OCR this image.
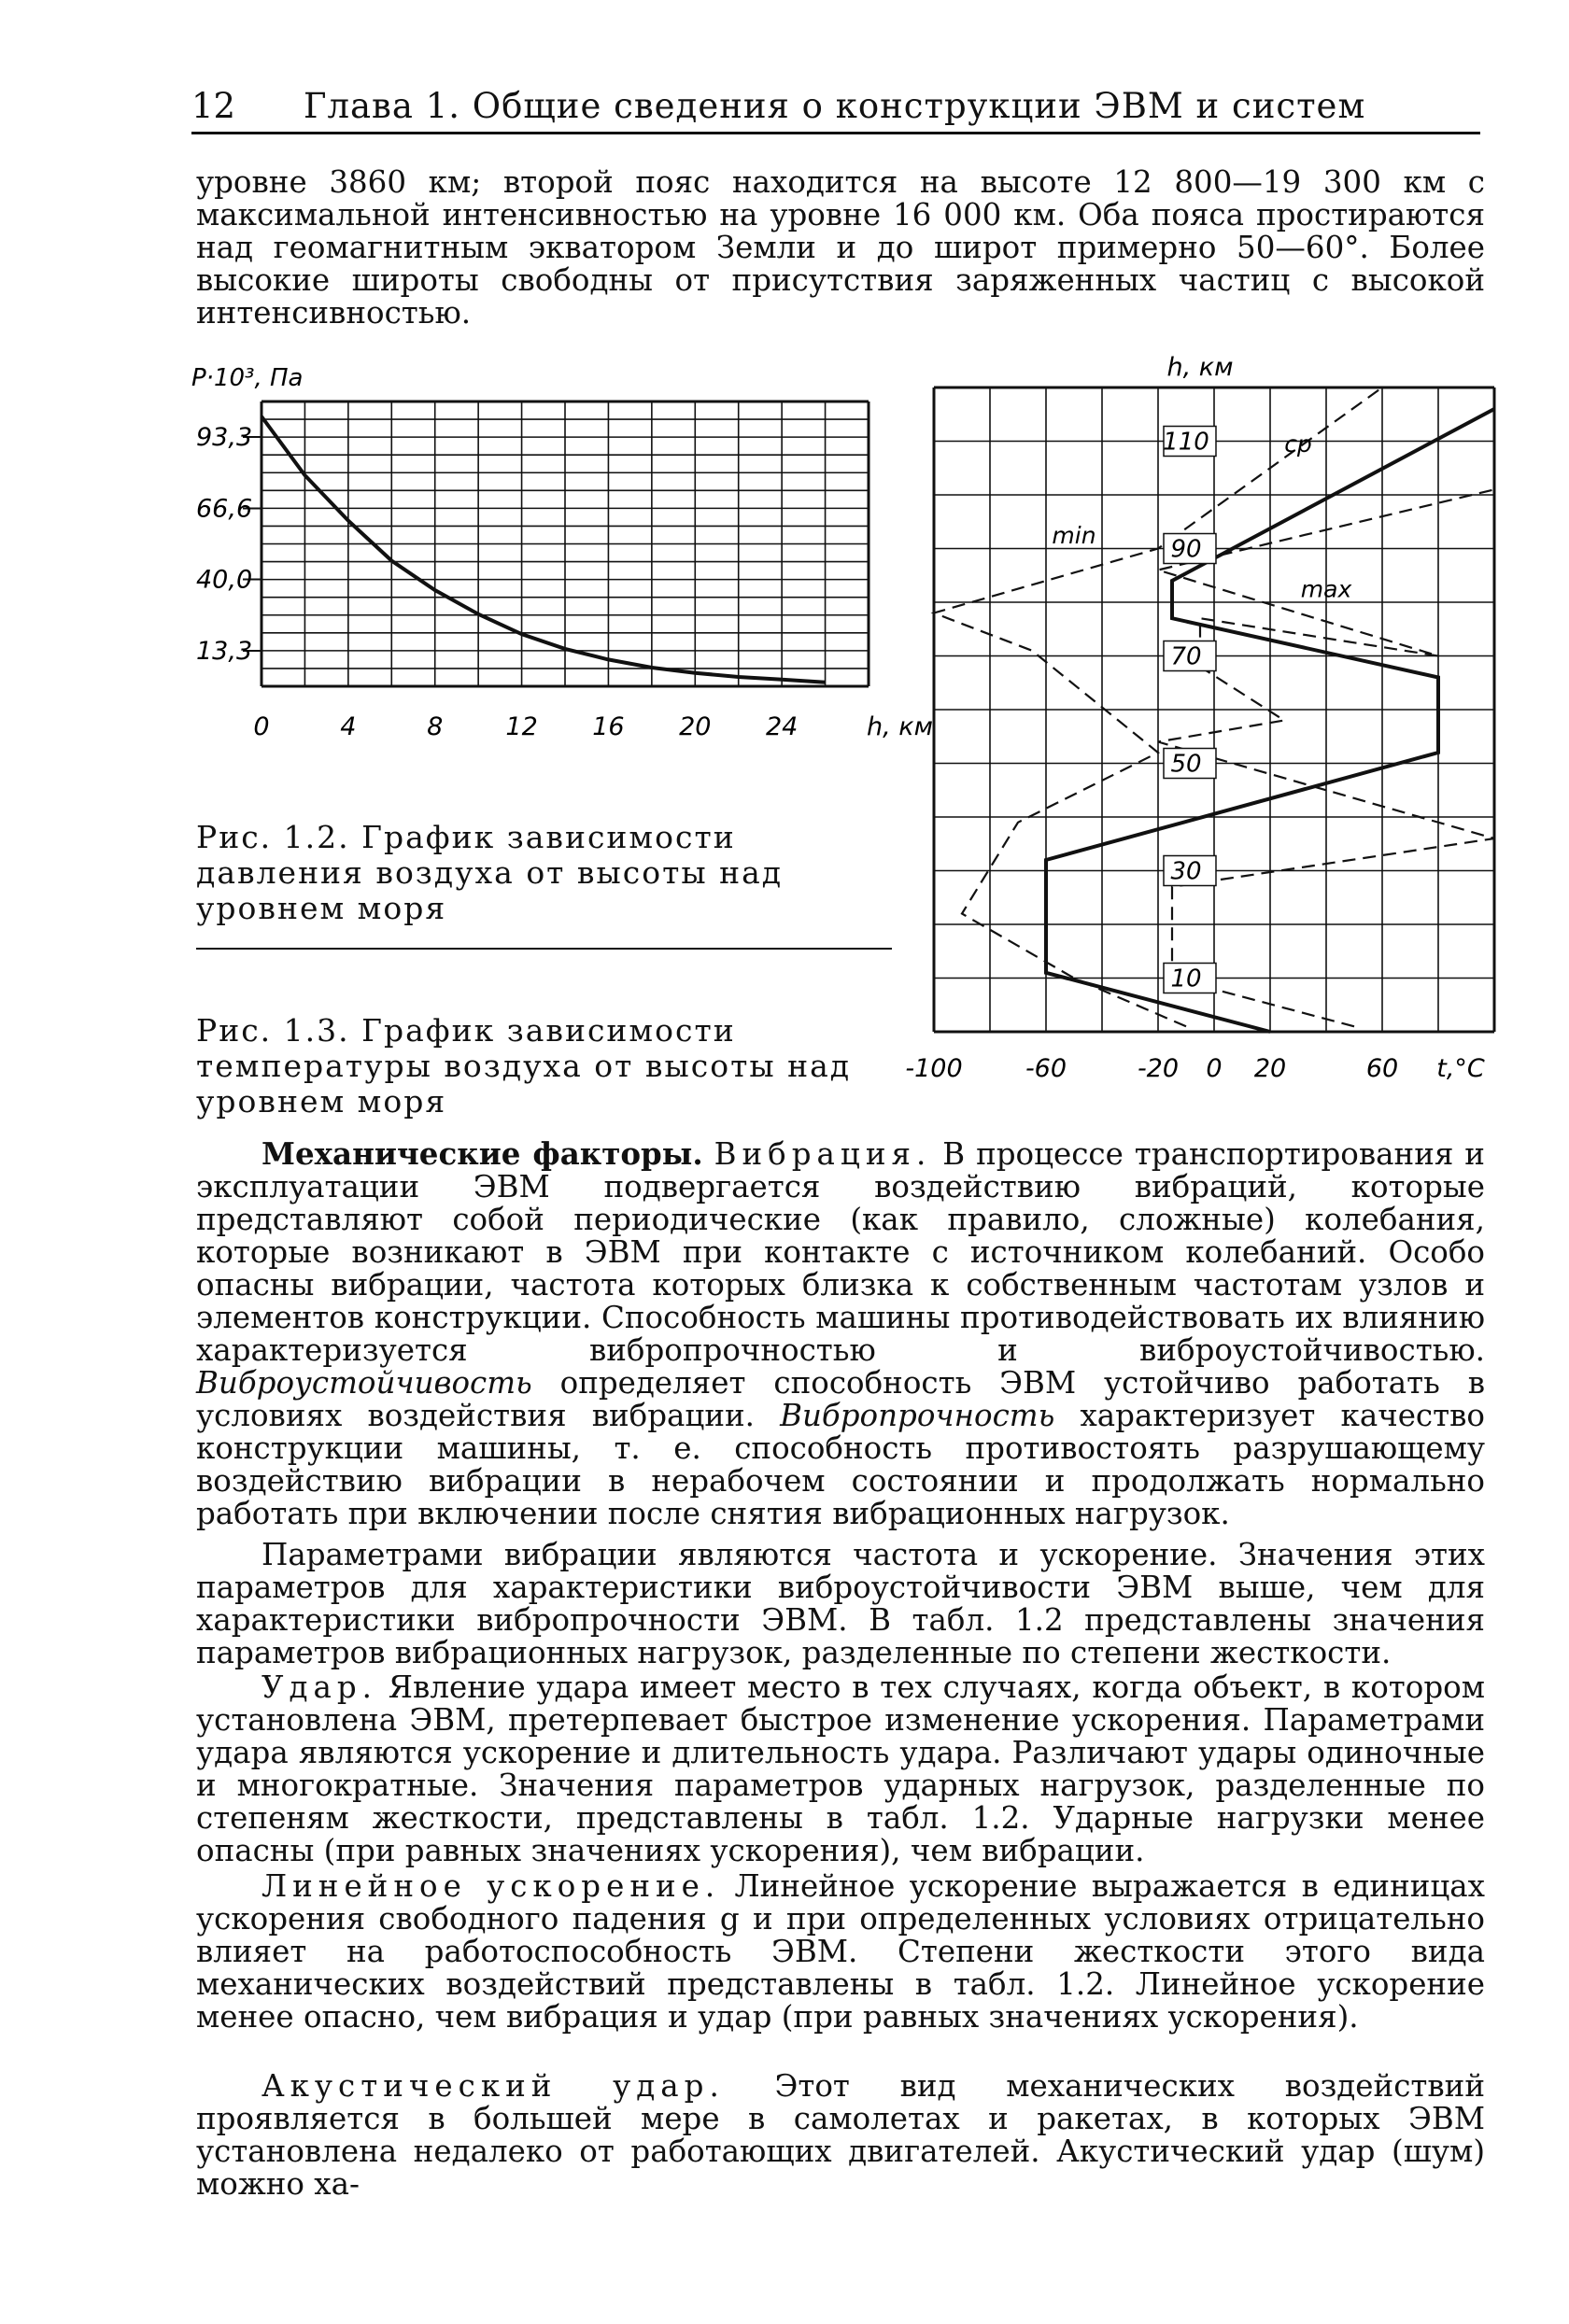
12	Глава 1. Общие сведения о конструкции ЭВМ и систем

уровне 3860 км; второй пояс находится на высоте 12 800—19 300 км с максимальной интенсивностью на уровне 16 000 км. Оба пояса простираются над геомагнитным экватором Земли и до широт примерно 50—60°. Более высокие широты свободны от присутствия заряженных частиц с высокой интенсивностью.

93,3
66,6
40,0
13,3
0	4	8 12 16 20 24	h, км
P·10³, Па

Рис. 1.2. График зависимости давления воздуха от высоты над уровнем моря

Рис. 1.3. График зависимости температуры воздуха от высоты над уровнем моря

ср
min
max
10
30
50
70
90
110
h, км
-100 -60	-20 0 20	60 t,°C

Механические факторы. Вибрация. В процессе транспортирования и эксплуатации ЭВМ подвергается воздействию вибраций, которые представляют собой периодические (как правило, сложные) колебания, которые возникают в ЭВМ при контакте с источником колебаний. Особо опасны вибрации, частота которых близка к собственным частотам узлов и элементов конструкции. Способность машины противодействовать их влиянию характеризуется вибропрочностью и виброустойчивостью. Виброустойчивость определяет способность ЭВМ устойчиво работать в условиях воздействия вибрации. Вибропрочность характеризует качество конструкции машины, т. е. способность противостоять разрушающему воздействию вибрации в нерабочем состоянии и продолжать нормально работать при включении после снятия вибрационных нагрузок.

Параметрами вибрации являются частота и ускорение. Значения этих параметров для характеристики виброустойчивости ЭВМ выше, чем для характеристики вибропрочности ЭВМ. В табл. 1.2 представлены значения параметров вибрационных нагрузок, разделенные по степени жесткости.

Удар. Явление удара имеет место в тех случаях, когда объект, в котором установлена ЭВМ, претерпевает быстрое изменение ускорения. Параметрами удара являются ускорение и длительность удара. Различают удары одиночные и многократные. Значения параметров ударных нагрузок, разделенные по степеням жесткости, представлены в табл. 1.2. Ударные нагрузки менее опасны (при равных значениях ускорения), чем вибрации.

Линейное ускорение. Линейное ускорение выражается в единицах ускорения свободного падения g и при определенных условиях отрицательно влияет на работоспособность ЭВМ. Степени жесткости этого вида механических воздействий представлены в табл. 1.2. Линейное ускорение менее опасно, чем вибрация и удар (при равных значениях ускорения).

Акустический удар. Этот вид механических воздействий проявляется в большей мере в самолетах и ракетах, в которых ЭВМ установлена недалеко от работающих двигателей. Акустический удар (шум) можно ха-
